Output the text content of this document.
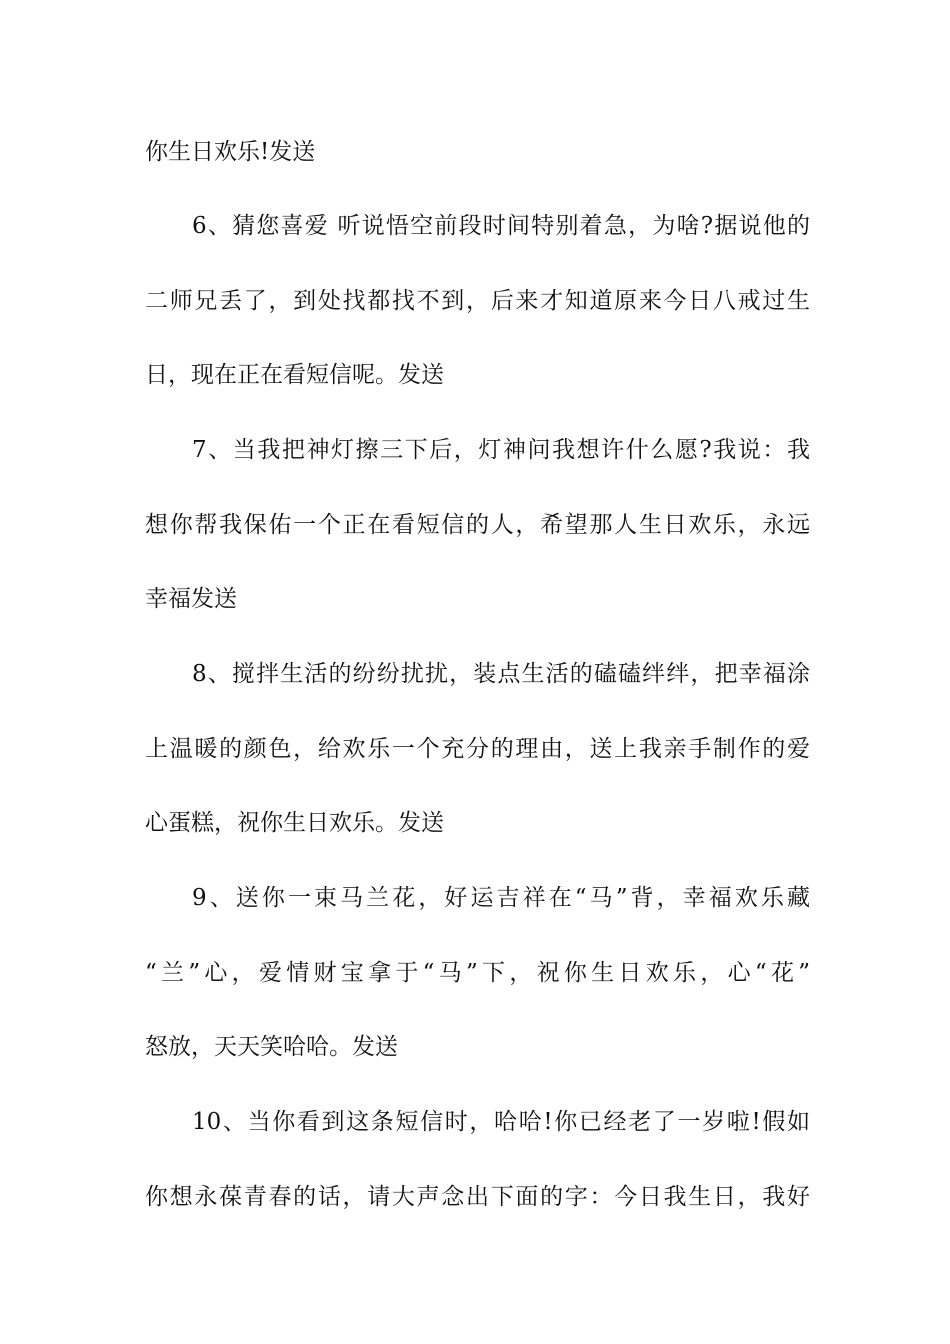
你生日欢乐!发送
6、猜您喜爱 听说悟空前段时间特别着急，为啥?据说他的
二师兄丢了，到处找都找不到，后来才知道原来今日八戒过生
日，现在正在看短信呢。发送
7、当我把神灯擦三下后，灯神问我想许什么愿?我说：我
想你帮我保佑一个正在看短信的人，希望那人生日欢乐，永远
幸福发送
8、搅拌生活的纷纷扰扰，装点生活的磕磕绊绊，把幸福涂
上温暖的颜色，给欢乐一个充分的理由，送上我亲手制作的爱
心蛋糕，祝你生日欢乐。发送
9、送你一束马兰花，好运吉祥在“马”背，幸福欢乐藏
“兰”心，爱情财宝拿于“马”下，祝你生日欢乐，心“花”
怒放，天天笑哈哈。发送
10、当你看到这条短信时，哈哈!你已经老了一岁啦!假如
你想永葆青春的话，请大声念出下面的字：今日我生日，我好
